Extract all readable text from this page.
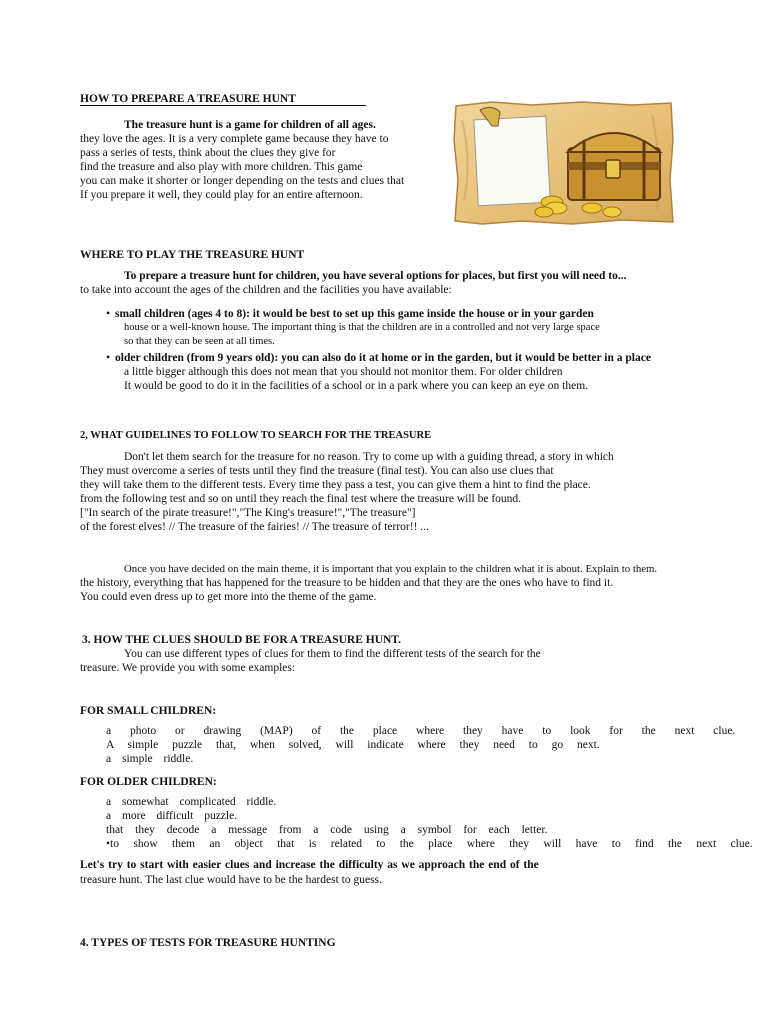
HOW TO PREPARE A TREASURE HUNT
The treasure hunt is a game for children of all ages.
they love the ages. It is a very complete game because they have to
pass a series of tests, think about the clues they give for
find the treasure and also play with more children. This game
you can make it shorter or longer depending on the tests and clues that
If you prepare it well, they could play for an entire afternoon.
WHERE TO PLAY THE TREASURE HUNT
To prepare a treasure hunt for children, you have several options for places, but first you will need to...
to take into account the ages of the children and the facilities you have available:
• small children (ages 4 to 8): it would be best to set up this game inside the house or in your garden
house or a well-known house. The important thing is that the children are in a controlled and not very large space
so that they can be seen at all times.
• older children (from 9 years old): you can also do it at home or in the garden, but it would be better in a place
a little bigger although this does not mean that you should not monitor them. For older children
It would be good to do it in the facilities of a school or in a park where you can keep an eye on them.
2, WHAT GUIDELINES TO FOLLOW TO SEARCH FOR THE TREASURE
Don't let them search for the treasure for no reason. Try to come up with a guiding thread, a story in which
They must overcome a series of tests until they find the treasure (final test). You can also use clues that
they will take them to the different tests. Every time they pass a test, you can give them a hint to find the place.
from the following test and so on until they reach the final test where the treasure will be found.
["In search of the pirate treasure!","The King's treasure!","The treasure"]
of the forest elves! // The treasure of the fairies! // The treasure of terror!! ...
Once you have decided on the main theme, it is important that you explain to the children what it is about. Explain to them.
the history, everything that has happened for the treasure to be hidden and that they are the ones who have to find it.
You could even dress up to get more into the theme of the game.
3. HOW THE CLUES SHOULD BE FOR A TREASURE HUNT.
You can use different types of clues for them to find the different tests of the search for the
treasure. We provide you with some examples:
FOR SMALL CHILDREN:
a photo or drawing (MAP) of the place where they have to look for the next clue.
A simple puzzle that, when solved, will indicate where they need to go next.
a simple riddle.
FOR OLDER CHILDREN:
a somewhat complicated riddle.
a more difficult puzzle.
that they decode a message from a code using a symbol for each letter.
•to show them an object that is related to the place where they will have to find the next clue.
Let's try to start with easier clues and increase the difficulty as we approach the end of the
treasure hunt. The last clue would have to be the hardest to guess.
4. TYPES OF TESTS FOR TREASURE HUNTING
